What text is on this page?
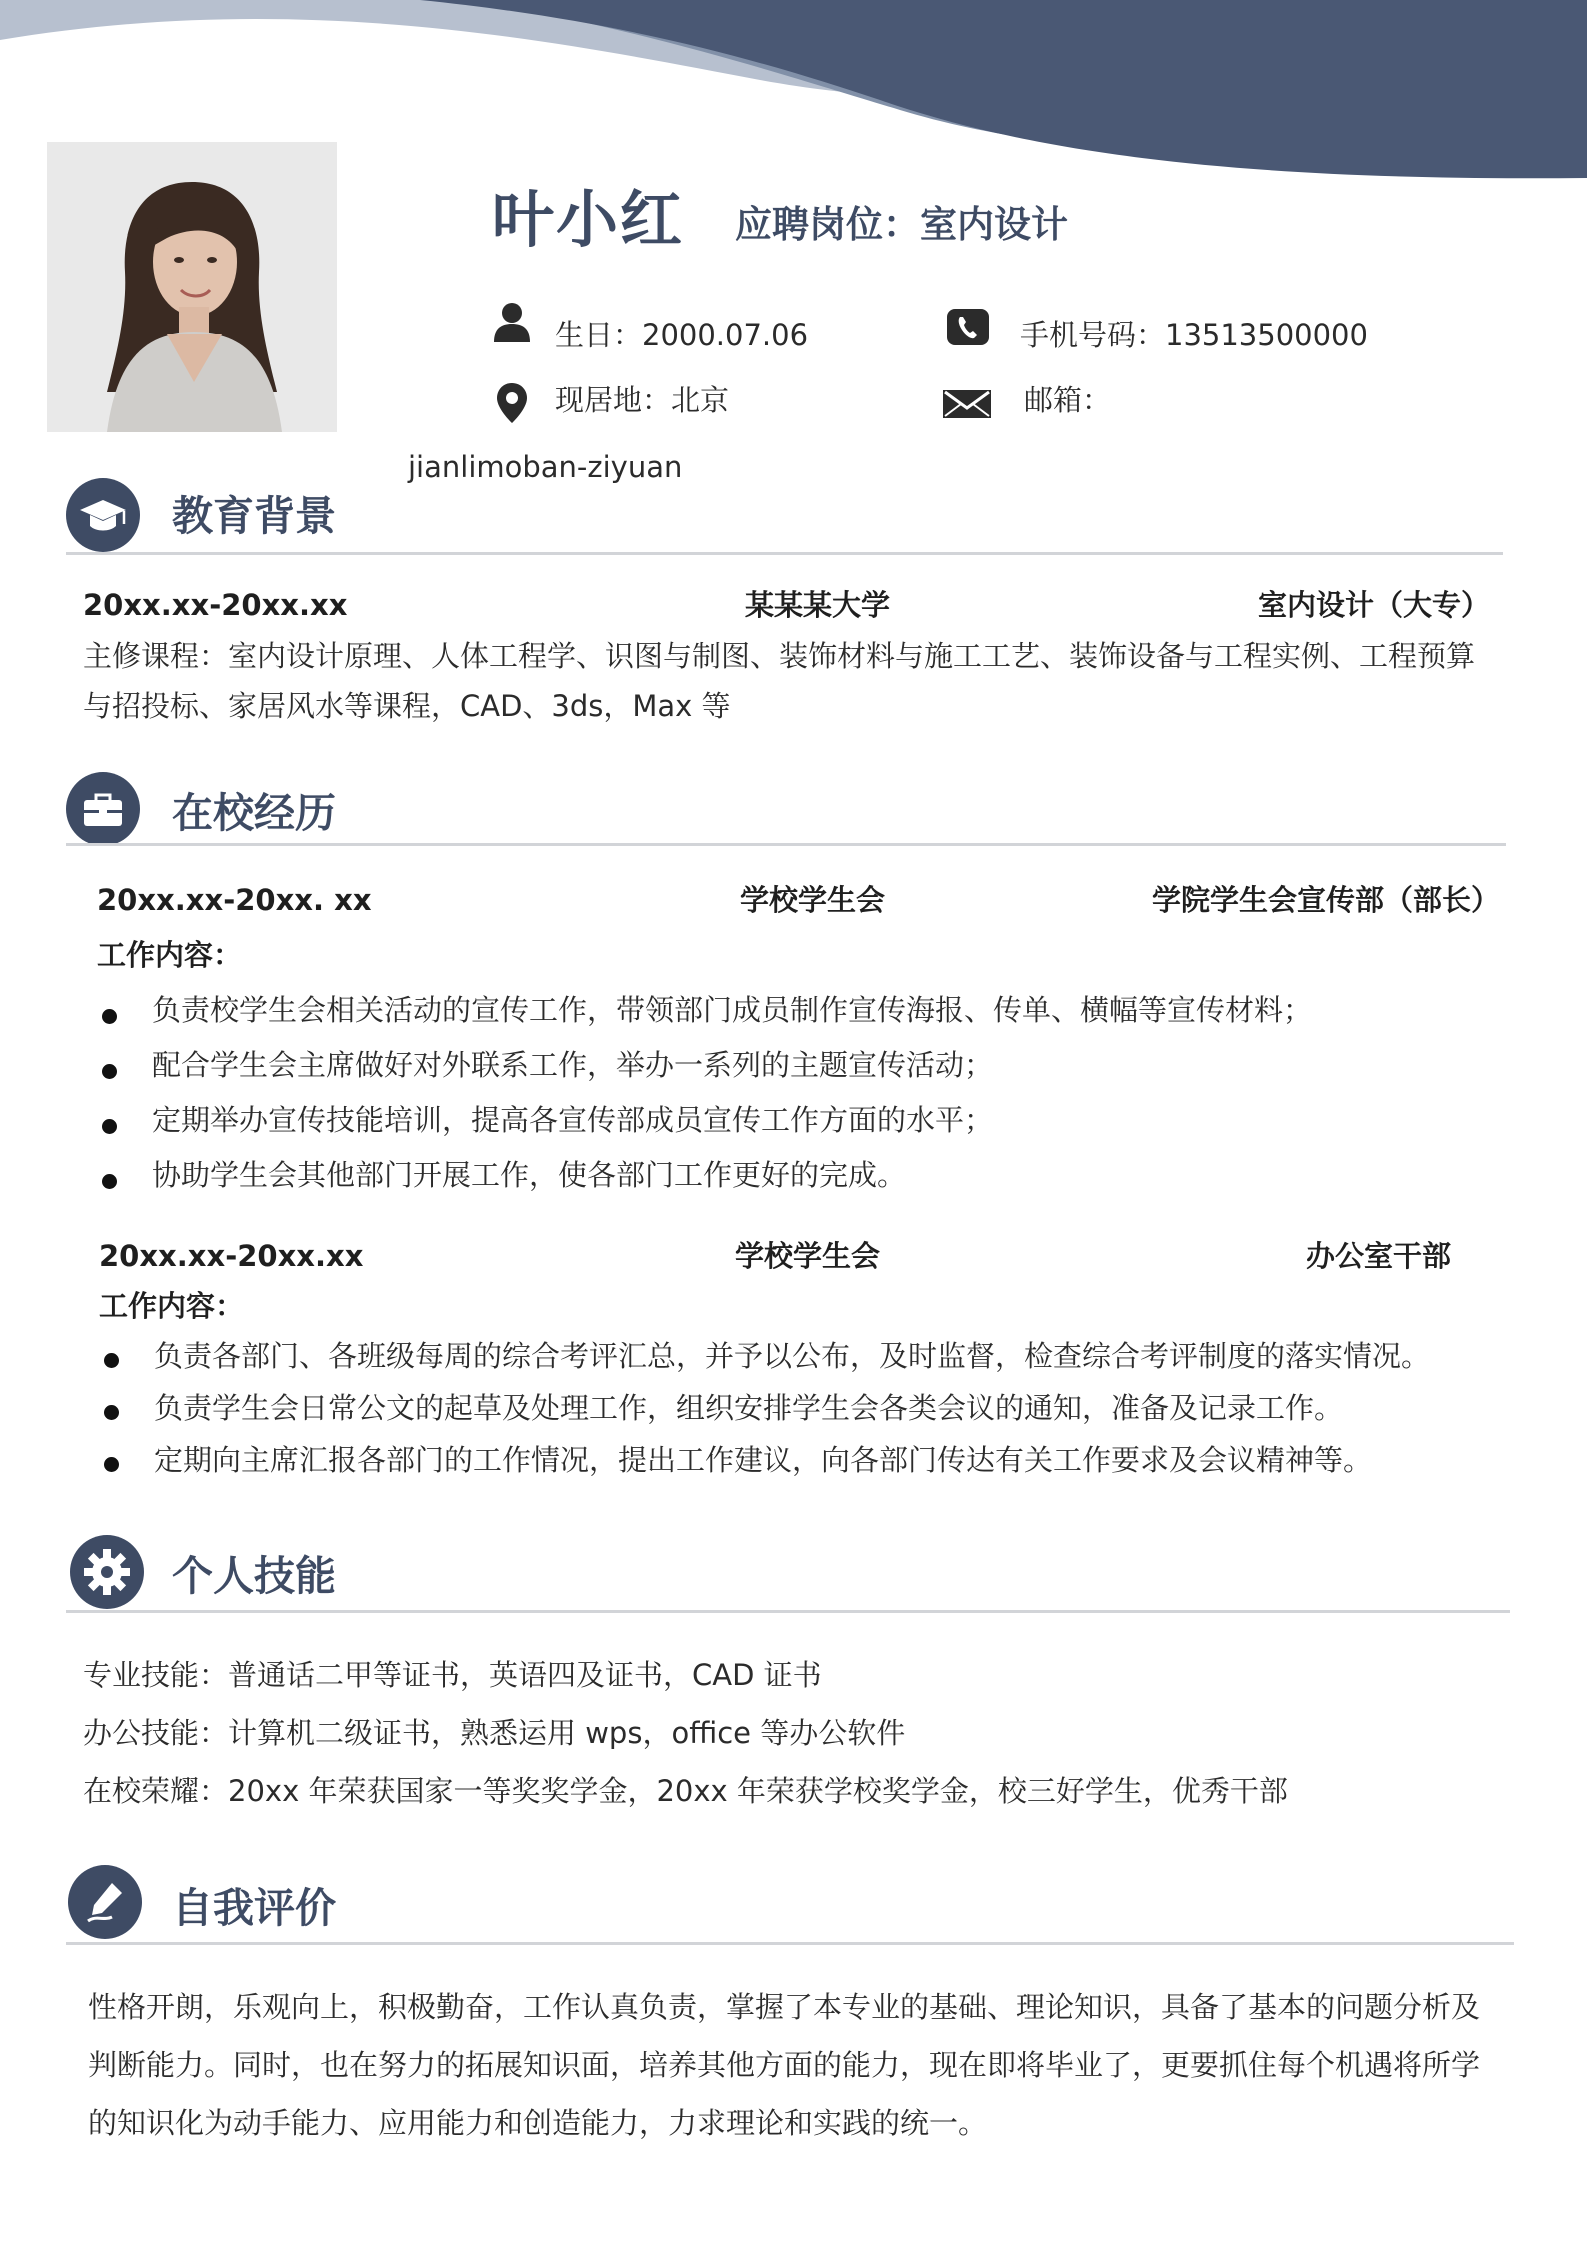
叶小红 应聘岗位：室内设计
生日：2000.07.06	手机号码：13513500000
现居地：北京	邮箱：
jianlimoban-ziyuan
教育背景
20xx.xx-20xx.xx	某某某大学	室内设计（大专）
主修课程：室内设计原理、人体工程学、识图与制图、装饰材料与施工工艺、装饰设备与工程实例、工程预算与招投标、家居风水等课程，CAD、3ds，Max 等
在校经历
20xx.xx-20xx. xx	学校学生会	学院学生会宣传部（部长）
工作内容：
负责校学生会相关活动的宣传工作，带领部门成员制作宣传海报、传单、横幅等宣传材料；
配合学生会主席做好对外联系工作，举办一系列的主题宣传活动；
定期举办宣传技能培训，提高各宣传部成员宣传工作方面的水平；
协助学生会其他部门开展工作，使各部门工作更好的完成。
20xx.xx-20xx.xx	学校学生会	办公室干部
工作内容：
负责各部门、各班级每周的综合考评汇总，并予以公布，及时监督，检查综合考评制度的落实情况。
负责学生会日常公文的起草及处理工作，组织安排学生会各类会议的通知，准备及记录工作。
定期向主席汇报各部门的工作情况，提出工作建议，向各部门传达有关工作要求及会议精神等。
个人技能
专业技能：普通话二甲等证书，英语四及证书，CAD 证书
办公技能：计算机二级证书，熟悉运用 wps，office 等办公软件
在校荣耀：20xx 年荣获国家一等奖奖学金，20xx 年荣获学校奖学金，校三好学生，优秀干部
自我评价
性格开朗，乐观向上，积极勤奋，工作认真负责，掌握了本专业的基础、理论知识，具备了基本的问题分析及判断能力。同时，也在努力的拓展知识面，培养其他方面的能力，现在即将毕业了，更要抓住每个机遇将所学的知识化为动手能力、应用能力和创造能力，力求理论和实践的统一。
